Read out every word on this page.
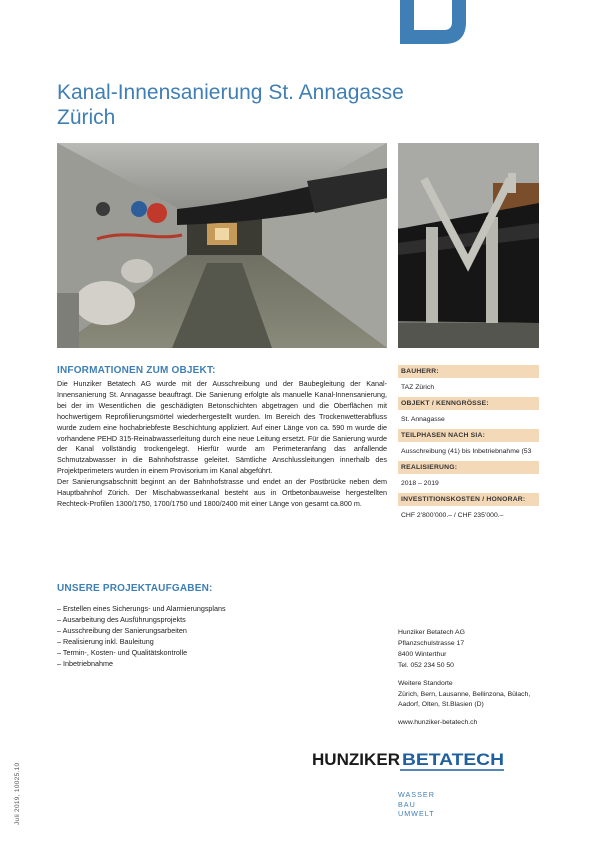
Kanal-Innensanierung St. Annagasse
Zürich
INFORMATIONEN ZUM OBJEKT:

Die Hunziker Betatech AG wurde mit der Ausschreibung und der Baubegleitung der Kanal-Innensanierung St. Annagasse beauftragt. Die Sanierung erfolgte als manuelle Kanal-Innensanierung, bei der im Wesentlichen die geschädigten Betonschichten abgetragen und die Oberflächen mit hochwertigem Reprofilierungsmörtel wiederhergestellt wurden. Im Bereich des Trockenwetterabfluss wurde zudem eine hochabriebfeste Beschichtung appliziert. Auf einer Länge von ca. 590 m wurde die vorhandene PEHD 315-Reinabwasserleitung durch eine neue Leitung ersetzt. Für die Sanierung wurde der Kanal vollständig trockengelegt. Hierfür wurde am Perimeteranfang das anfallende Schmutzabwasser in die Bahnhofstrasse geleitet. Sämtliche Anschlussleitungen innerhalb des Projektperimeters wurden in einem Provisorium im Kanal abgeführt.

Der Sanierungsabschnitt beginnt an der Bahnhofstrasse und endet an der Postbrücke neben dem Hauptbahnhof Zürich. Der Mischabwasserkanal besteht aus in Ortbetonbauweise hergestellten Rechteck-Profilen 1300/1750, 1700/1750 und 1800/2400 mit einer Länge von gesamt ca.800 m.

UNSERE PROJEKTAUFGABEN:
– Erstellen eines Sicherungs- und Alarmierungsplans
– Ausarbeitung des Ausführungsprojekts
– Ausschreibung der Sanierungsarbeiten
– Realisierung inkl. Bauleitung
– Termin-, Kosten- und Qualitätskontrolle
– Inbetriebnahme
BAUHERR:
TAZ Zürich
OBJEKT / KENNGRÖSSE:
St. Annagasse
TEILPHASEN NACH SIA:
Ausschreibung (41) bis Inbetriebnahme (53
REALISIERUNG:
2018 – 2019
INVESTITIONSKOSTEN / HONORAR:
CHF 2’800’000.– / CHF 235’000.–
Hunziker Betatech AG
Pflanzschulstrasse 17
8400 Winterthur
Tel. 052 234 50 50
Weitere Standorte
Zürich, Bern, Lausanne, Bellinzona, Bülach,
Aadorf, Olten, St.Blasien (D)
www.hunziker-betatech.ch
HUNZIKER BETATECH
WASSER
BAU
UMWELT
Juli 2019, 10025.10
